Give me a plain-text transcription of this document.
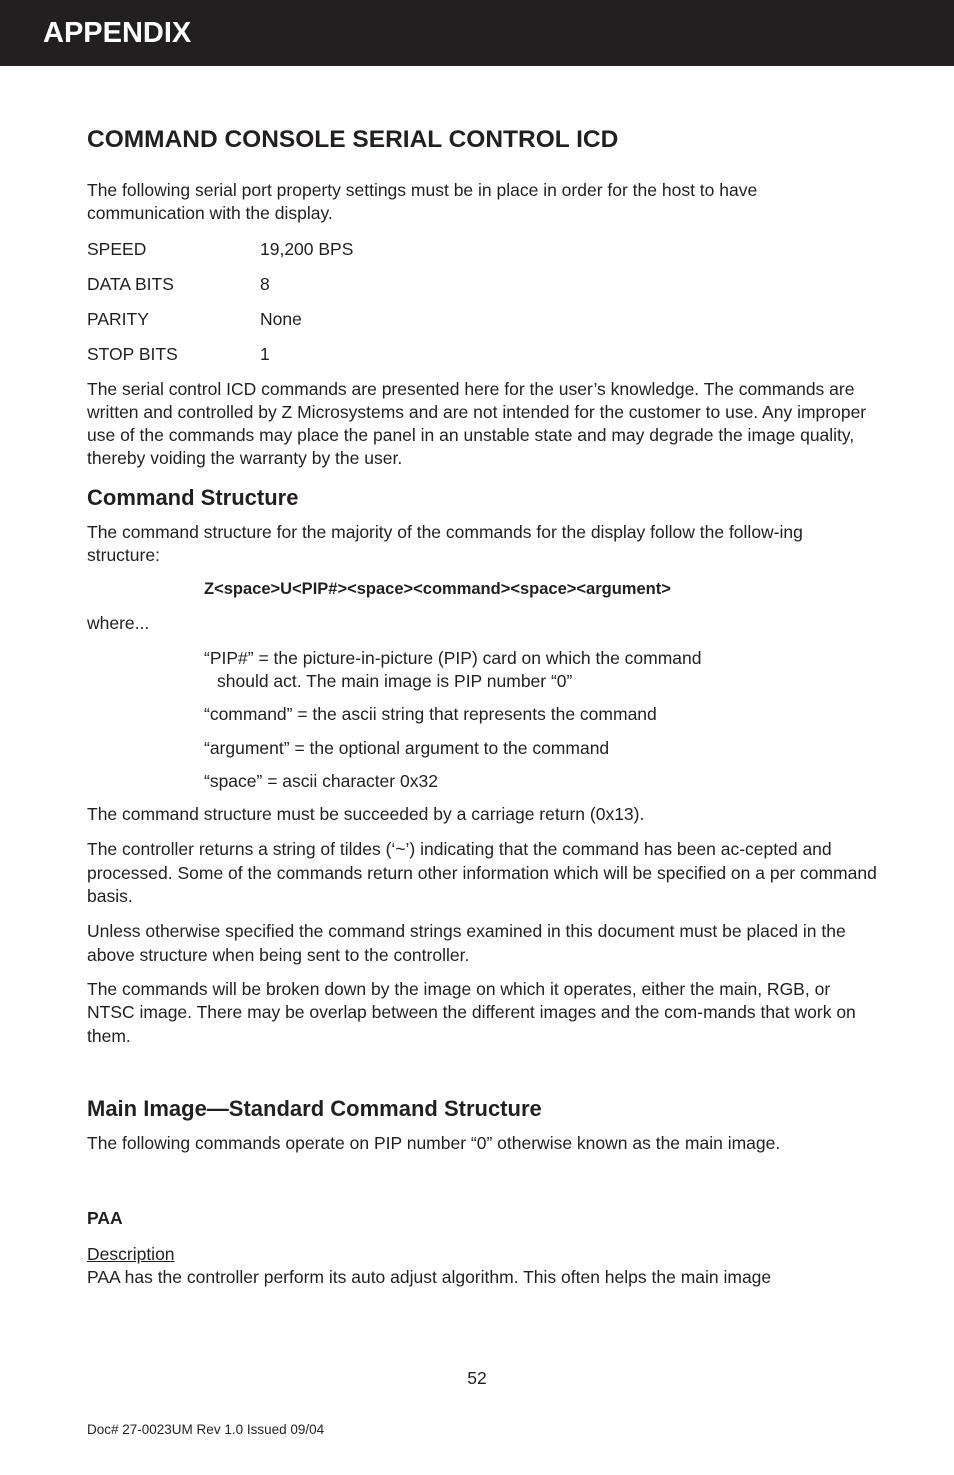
APPENDIX
COMMAND CONSOLE SERIAL CONTROL ICD

The following serial port property settings must be in place in order for the host to have communication with the display.

SPEED	19,200 BPS
DATA BITS	8
PARITY	None
STOP BITS	1

The serial control ICD commands are presented here for the user’s knowledge. The commands are written and controlled by Z Microsystems and are not intended for the customer to use. Any improper use of the commands may place the panel in an unstable state and may degrade the image quality, thereby voiding the warranty by the user.

Command Structure

The command structure for the majority of the commands for the display follow the follow-ing structure:

Z<space>U<PIP#><space><command><space><argument>

where...

“PIP#” = the picture-in-picture (PIP) card on which the command
should act. The main image is PIP number “0”
“command” = the ascii string that represents the command
“argument” = the optional argument to the command
“space” = ascii character 0x32

The command structure must be succeeded by a carriage return (0x13).

The controller returns a string of tildes (‘~’) indicating that the command has been ac-cepted and processed. Some of the commands return other information which will be specified on a per command basis.

Unless otherwise specified the command strings examined in this document must be placed in the above structure when being sent to the controller.

The commands will be broken down by the image on which it operates, either the main, RGB, or NTSC image. There may be overlap between the different images and the com-mands that work on them.

Main Image—Standard Command Structure

The following commands operate on PIP number “0” otherwise known as the main image.

PAA

Description
PAA has the controller perform its auto adjust algorithm. This often helps the main image

52
Doc# 27-0023UM Rev 1.0 Issued 09/04
